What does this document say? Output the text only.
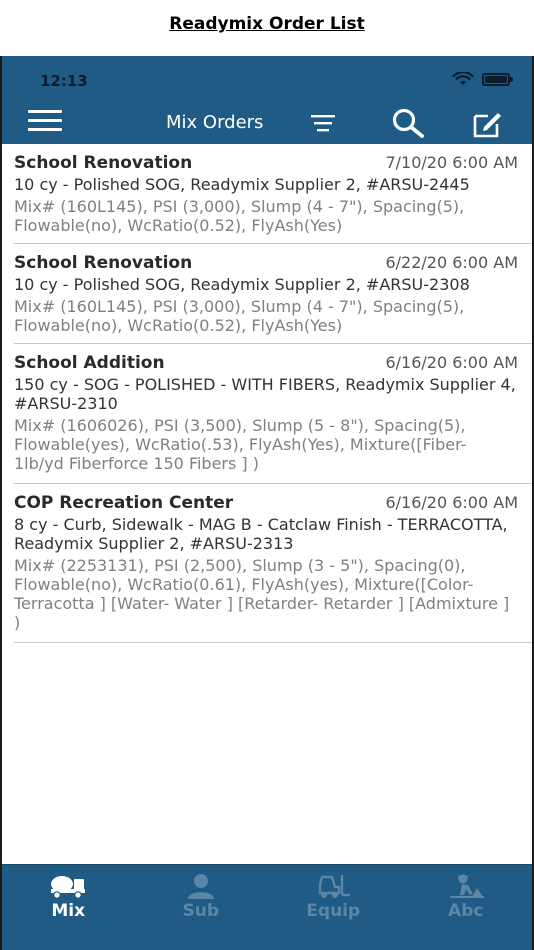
Readymix Order List
12:13
Mix Orders
School Renovation	7/10/20 6:00 AM
10 cy - Polished SOG, Readymix Supplier 2, #ARSU-2445
Mix# (160L145), PSI (3,000), Slump (4 - 7"), Spacing(5), Flowable(no), WcRatio(0.52), FlyAsh(Yes)
School Renovation	6/22/20 6:00 AM
10 cy - Polished SOG, Readymix Supplier 2, #ARSU-2308
Mix# (160L145), PSI (3,000), Slump (4 - 7"), Spacing(5), Flowable(no), WcRatio(0.52), FlyAsh(Yes)
School Addition	6/16/20 6:00 AM
150 cy - SOG - POLISHED - WITH FIBERS, Readymix Supplier 4, #ARSU-2310
Mix# (1606026), PSI (3,500), Slump (5 - 8"), Spacing(5), Flowable(yes), WcRatio(.53), FlyAsh(Yes), Mixture([Fiber- 1lb/yd Fiberforce 150 Fibers ] )
COP Recreation Center	6/16/20 6:00 AM
8 cy - Curb, Sidewalk - MAG B - Catclaw Finish - TERRACOTTA, Readymix Supplier 2, #ARSU-2313
Mix# (2253131), PSI (2,500), Slump (3 - 5"), Spacing(0), Flowable(no), WcRatio(0.61), FlyAsh(yes), Mixture([Color- Terracotta ] [Water- Water ] [Retarder- Retarder ] [Admixture ] )
Mix	Sub	Equip	Abc
